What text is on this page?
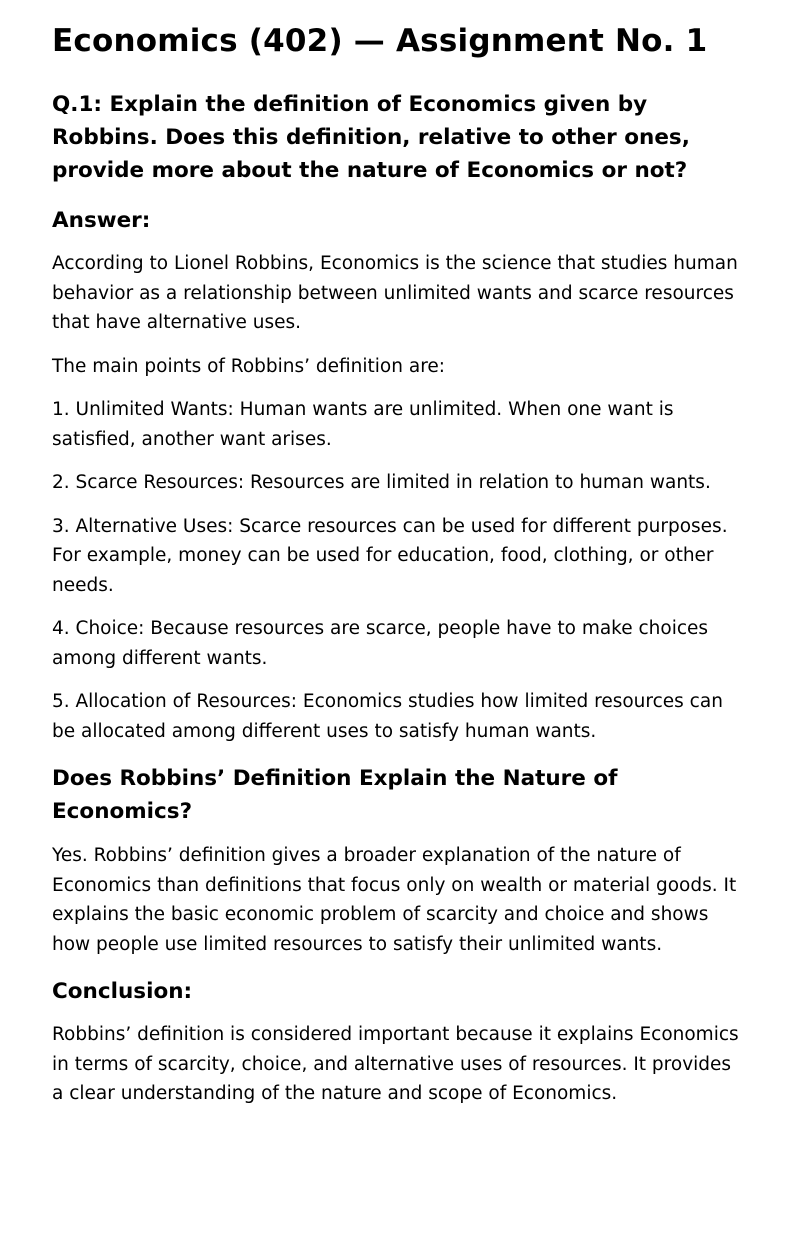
Economics (402) — Assignment No. 1

Q.1: Explain the definition of Economics given by Robbins. Does this definition, relative to other ones, provide more about the nature of Economics or not?

Answer:

According to Lionel Robbins, Economics is the science that studies human behavior as a relationship between unlimited wants and scarce resources that have alternative uses.

The main points of Robbins’ definition are:

1. Unlimited Wants: Human wants are unlimited. When one want is satisfied, another want arises.

2. Scarce Resources: Resources are limited in relation to human wants.

3. Alternative Uses: Scarce resources can be used for different purposes. For example, money can be used for education, food, clothing, or other needs.

4. Choice: Because resources are scarce, people have to make choices among different wants.

5. Allocation of Resources: Economics studies how limited resources can be allocated among different uses to satisfy human wants.

Does Robbins’ Definition Explain the Nature of Economics?

Yes. Robbins’ definition gives a broader explanation of the nature of Economics than definitions that focus only on wealth or material goods. It explains the basic economic problem of scarcity and choice and shows how people use limited resources to satisfy their unlimited wants.

Conclusion:

Robbins’ definition is considered important because it explains Economics in terms of scarcity, choice, and alternative uses of resources. It provides a clear understanding of the nature and scope of Economics.
